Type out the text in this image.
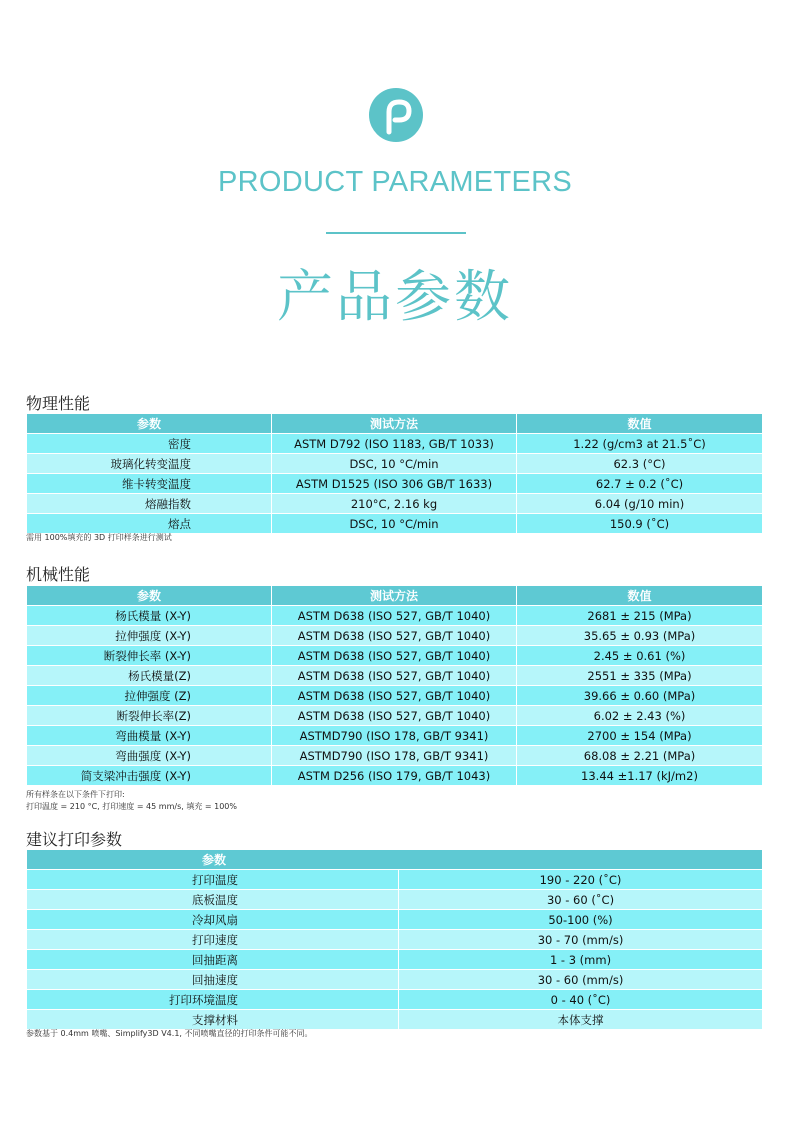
PRODUCT PARAMETERS
产品参数
物理性能
参数	测试方法	数值
密度	ASTM D792 (ISO 1183, GB/T 1033)	1.22 (g/cm3 at 21.5˚C)
玻璃化转变温度	DSC, 10 °C/min	62.3 (°C)
维卡转变温度	ASTM D1525 (ISO 306 GB/T 1633)	62.7 ± 0.2 (˚C)
熔融指数	210°C, 2.16 kg	6.04 (g/10 min)
熔点	DSC, 10 °C/min	150.9 (˚C)
需用 100%填充的 3D 打印样条进行测试
机械性能
参数	测试方法	数值
杨氏模量 (X-Y)	ASTM D638 (ISO 527, GB/T 1040)	2681 ± 215 (MPa)
拉伸强度 (X-Y)	ASTM D638 (ISO 527, GB/T 1040)	35.65 ± 0.93 (MPa)
断裂伸长率 (X-Y)	ASTM D638 (ISO 527, GB/T 1040)	2.45 ± 0.61 (%)
杨氏模量(Z)	ASTM D638 (ISO 527, GB/T 1040)	2551 ± 335 (MPa)
拉伸强度 (Z)	ASTM D638 (ISO 527, GB/T 1040)	39.66 ± 0.60 (MPa)
断裂伸长率(Z)	ASTM D638 (ISO 527, GB/T 1040)	6.02 ± 2.43 (%)
弯曲模量 (X-Y)	ASTMD790 (ISO 178, GB/T 9341)	2700 ± 154 (MPa)
弯曲强度 (X-Y)	ASTMD790 (ISO 178, GB/T 9341)	68.08 ± 2.21 (MPa)
简支梁冲击强度 (X-Y)	ASTM D256 (ISO 179, GB/T 1043)	13.44 ±1.17 (kJ/m2)
所有样条在以下条件下打印:
打印温度 = 210 °C, 打印速度 = 45 mm/s, 填充 = 100%
建议打印参数
参数	
打印温度	190 - 220 (˚C)
底板温度	30 - 60 (˚C)
冷却风扇	50-100 (%)
打印速度	30 - 70 (mm/s)
回抽距离	1 - 3 (mm)
回抽速度	30 - 60 (mm/s)
打印环境温度	0 - 40 (˚C)
支撑材料	本体支撑
参数基于 0.4mm 喷嘴、Simplify3D V4.1, 不同喷嘴直径的打印条件可能不同。
